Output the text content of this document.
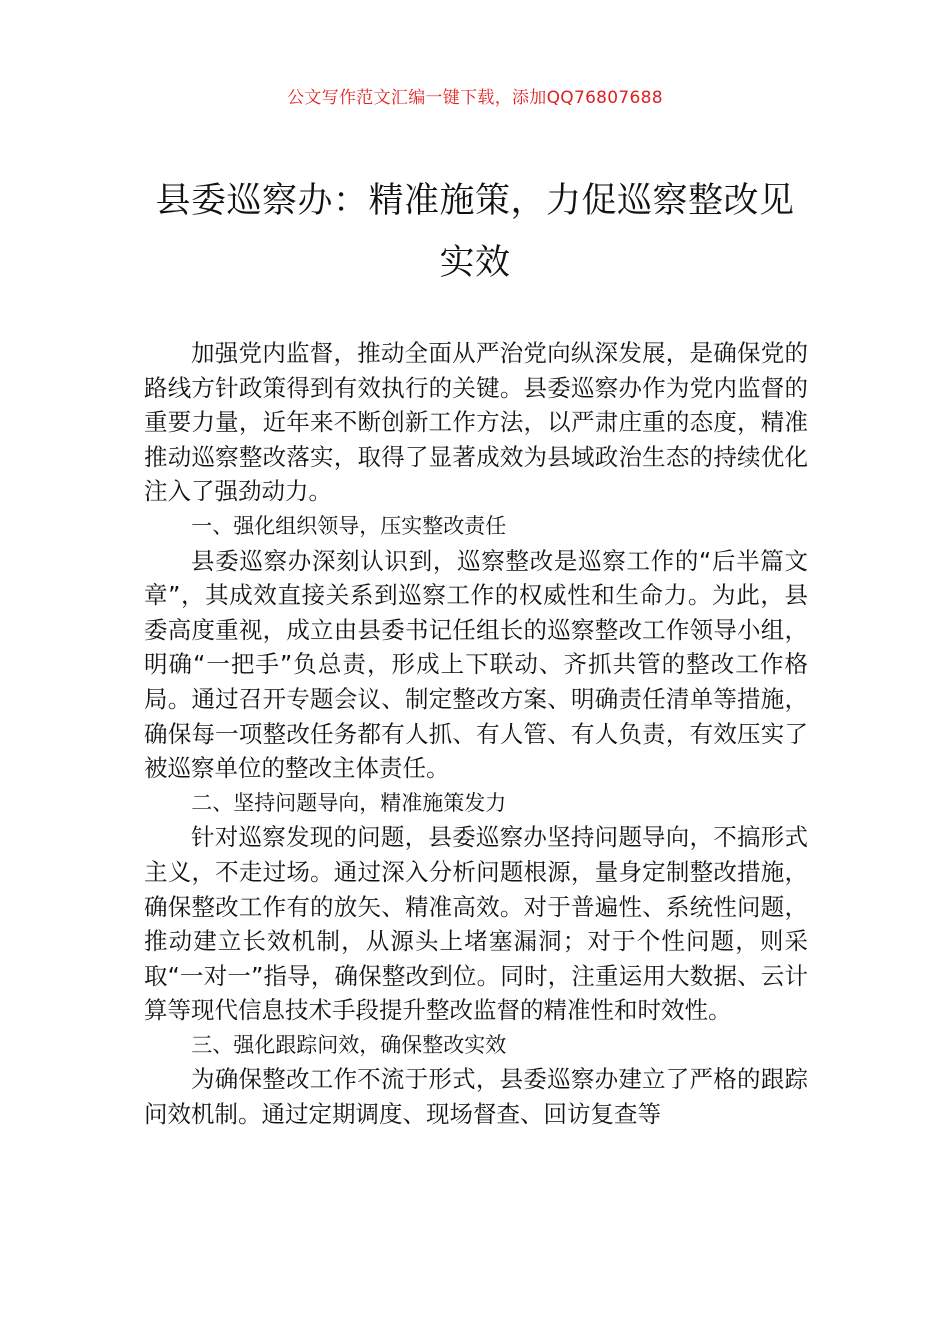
公文写作范文汇编一键下载，添加QQ76807688
县委巡察办：精准施策，力促巡察整改见
实效

加强党内监督，推动全面从严治党向纵深发展，是确保党的路线方针政策得到有效执行的关键。县委巡察办作为党内监督的重要力量，近年来不断创新工作方法，以严肃庄重的态度，精准推动巡察整改落实，取得了显著成效为县域政治生态的持续优化注入了强劲动力。

一、强化组织领导，压实整改责任

县委巡察办深刻认识到，巡察整改是巡察工作的“后半篇文章”，其成效直接关系到巡察工作的权威性和生命力。为此，县委高度重视，成立由县委书记任组长的巡察整改工作领导小组，明确“一把手”负总责，形成上下联动、齐抓共管的整改工作格局。通过召开专题会议、制定整改方案、明确责任清单等措施，确保每一项整改任务都有人抓、有人管、有人负责，有效压实了被巡察单位的整改主体责任。

二、坚持问题导向，精准施策发力

针对巡察发现的问题，县委巡察办坚持问题导向，不搞形式主义，不走过场。通过深入分析问题根源，量身定制整改措施，确保整改工作有的放矢、精准高效。对于普遍性、系统性问题，推动建立长效机制，从源头上堵塞漏洞；对于个性问题，则采取“一对一”指导，确保整改到位。同时，注重运用大数据、云计算等现代信息技术手段提升整改监督的精准性和时效性。

三、强化跟踪问效，确保整改实效

为确保整改工作不流于形式，县委巡察办建立了严格的跟踪问效机制。通过定期调度、现场督查、回访复查等
